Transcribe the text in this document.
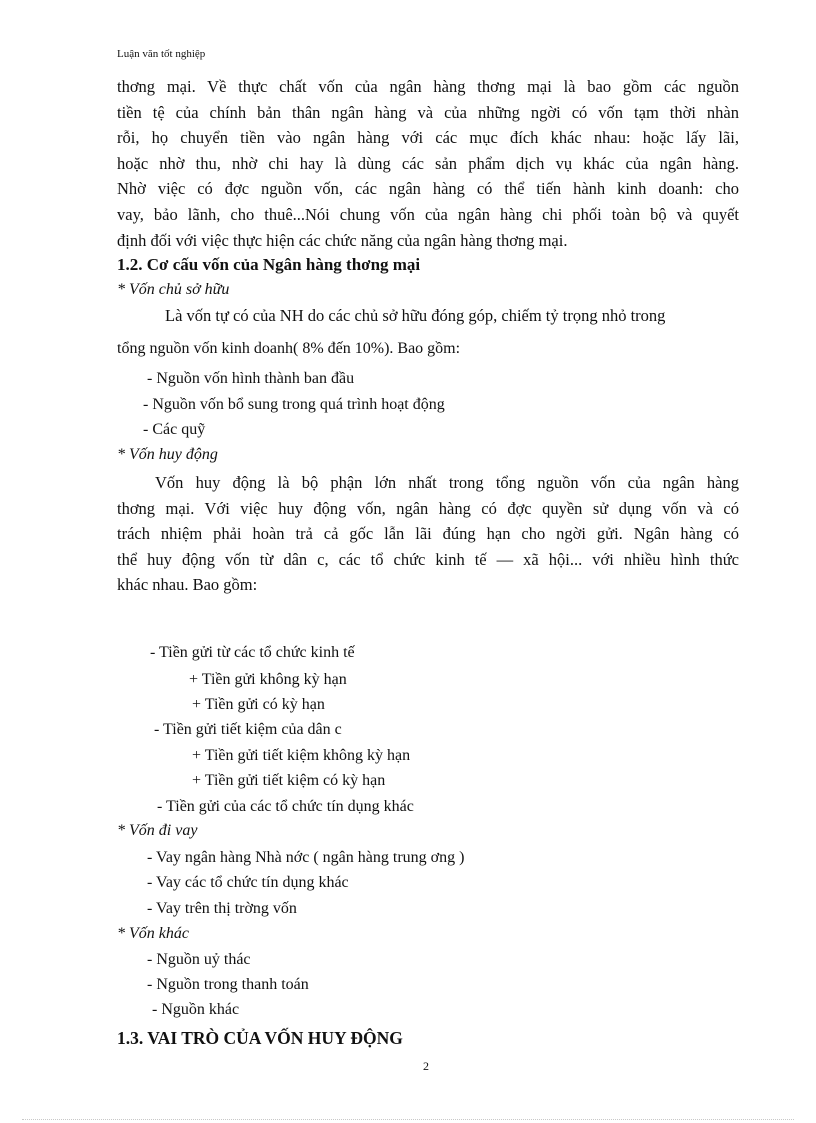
Luận văn tốt nghiệp
thơng mại. Về thực chất vốn của ngân hàng thơng mại là bao gồm các nguồn
tiền tệ của chính bản thân ngân hàng và của những ngời có vốn tạm thời nhàn
rỗi, họ chuyển tiền vào ngân hàng với các mục đích khác nhau: hoặc lấy lãi,
hoặc nhờ thu, nhờ chi hay là dùng các sản phẩm dịch vụ khác của ngân hàng.
Nhờ việc có đợc nguồn vốn, các ngân hàng có thể tiến hành kinh doanh: cho
vay, bảo lãnh, cho thuê...Nói chung vốn của ngân hàng chi phối toàn bộ và quyết
định đối với việc thực hiện các chức năng của ngân hàng thơng mại.
1.2. Cơ cấu vốn của Ngân hàng thơng mại
* Vốn chủ sở hữu
Là vốn tự có của NH do các chủ sở hữu đóng góp, chiếm tỷ trọng nhỏ trong
tổng nguồn vốn kinh doanh( 8% đến 10%). Bao gồm:
- Nguồn vốn hình thành ban đầu
- Nguồn vốn bổ sung trong quá trình hoạt động
- Các quỹ
* Vốn huy động
Vốn huy động là bộ phận lớn nhất trong tổng nguồn vốn của ngân hàng
thơng mại. Với việc huy động vốn, ngân hàng có đợc quyền sử dụng vốn và có
trách nhiệm phải hoàn trả cả gốc lẫn lãi đúng hạn cho ngời gửi. Ngân hàng có
thể huy động vốn từ dân c, các tổ chức kinh tế — xã hội... với nhiều hình thức
khác nhau. Bao gồm:
- Tiền gửi từ các tổ chức kinh tế
+ Tiền gửi không kỳ hạn
+ Tiền gửi có kỳ hạn
- Tiền gửi tiết kiệm của dân c
+ Tiền gửi tiết kiệm không kỳ hạn
+ Tiền gửi tiết kiệm có kỳ hạn
- Tiền gửi của các tổ chức tín dụng khác
* Vốn đi vay
- Vay ngân hàng Nhà nớc ( ngân hàng trung ơng )
- Vay các tổ chức tín dụng khác
- Vay trên thị trờng vốn
* Vốn khác
- Nguồn uỷ thác
- Nguồn trong thanh toán
- Nguồn khác
1.3. VAI TRÒ CỦA VỐN HUY ĐỘNG
2
